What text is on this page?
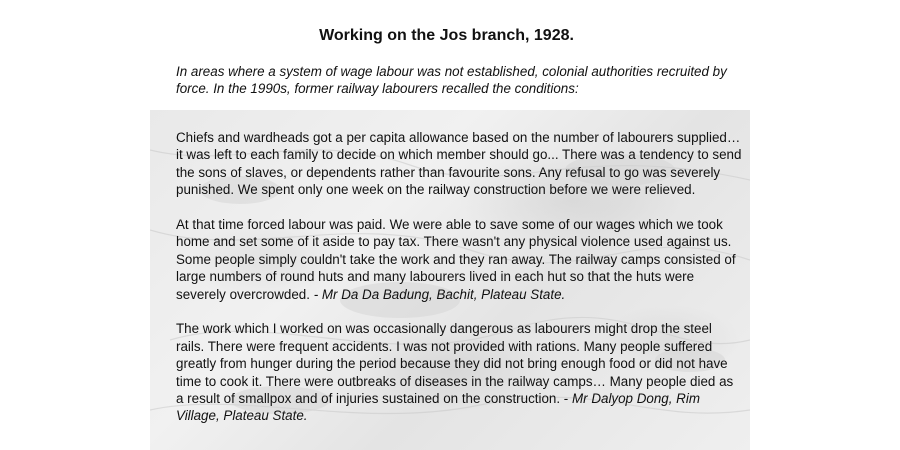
Working on the Jos branch, 1928.
In areas where a system of wage labour was not established, colonial authorities recruited by force. In the 1990s, former railway labourers recalled the conditions:

Chiefs and wardheads got a per capita allowance based on the number of labourers supplied… it was left to each family to decide on which member should go... There was a tendency to send the sons of slaves, or dependents rather than favourite sons. Any refusal to go was severely punished. We spent only one week on the railway construction before we were relieved.

At that time forced labour was paid. We were able to save some of our wages which we took home and set some of it aside to pay tax. There wasn't any physical violence used against us. Some people simply couldn't take the work and they ran away. The railway camps consisted of large numbers of round huts and many labourers lived in each hut so that the huts were severely overcrowded. - Mr Da Da Badung, Bachit, Plateau State.

The work which I worked on was occasionally dangerous as labourers might drop the steel rails. There were frequent accidents. I was not provided with rations. Many people suffered greatly from hunger during the period because they did not bring enough food or did not have time to cook it. There were outbreaks of diseases in the railway camps… Many people died as a result of smallpox and of injuries sustained on the construction. - Mr Dalyop Dong, Rim Village, Plateau State.
